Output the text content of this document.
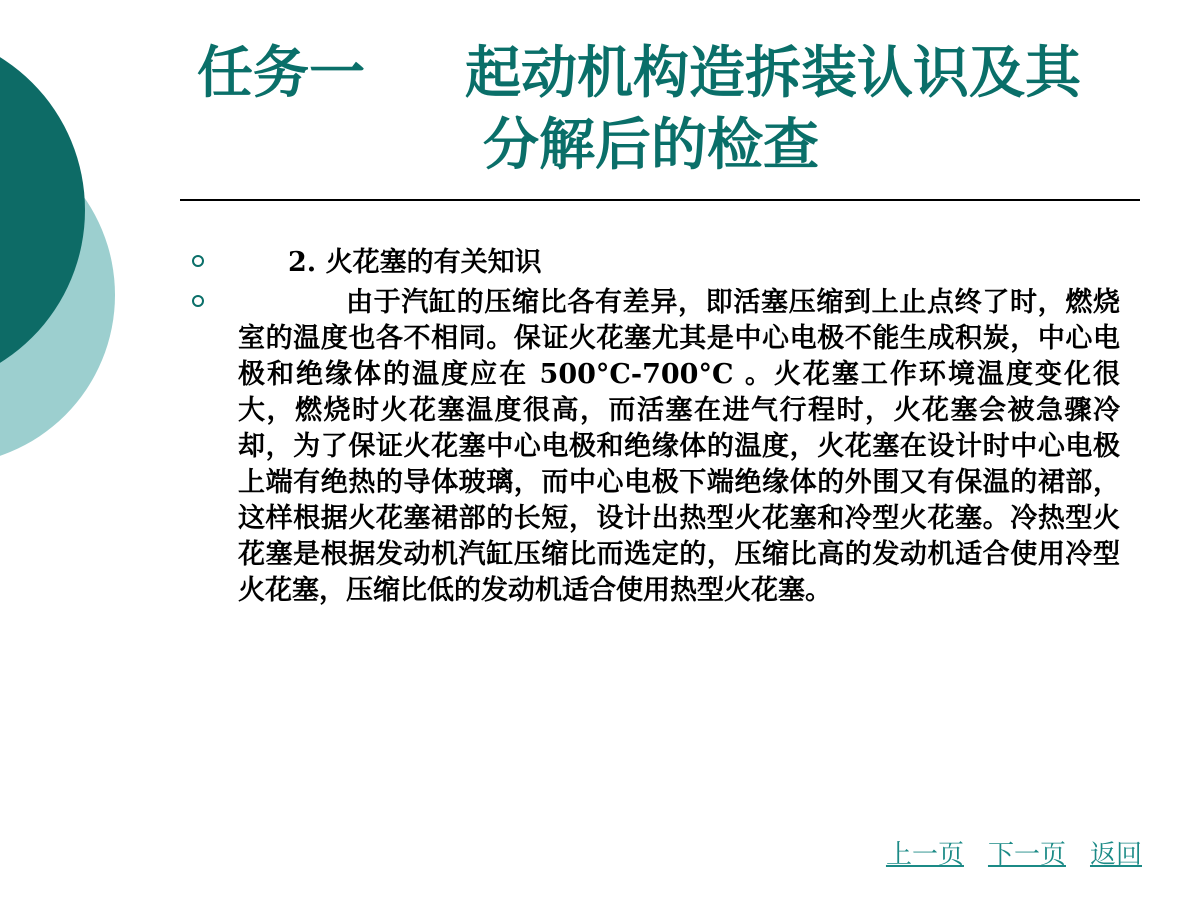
任务一	起动机构造拆装认识及其
分解后的检查
2. 火花塞的有关知识
由于汽缸的压缩比各有差异，即活塞压缩到上止点终了时，燃烧室的温度也各不相同。保证火花塞尤其是中心电极不能生成积炭，中心电极和绝缘体的温度应在 500°C-700°C 。火花塞工作环境温度变化很大，燃烧时火花塞温度很高，而活塞在进气行程时，火花塞会被急骤冷却，为了保证火花塞中心电极和绝缘体的温度，火花塞在设计时中心电极上端有绝热的导体玻璃，而中心电极下端绝缘体的外围又有保温的裙部，这样根据火花塞裙部的长短，设计出热型火花塞和冷型火花塞。冷热型火花塞是根据发动机汽缸压缩比而选定的，压缩比高的发动机适合使用冷型火花塞，压缩比低的发动机适合使用热型火花塞。
上一页 下一页 返回
